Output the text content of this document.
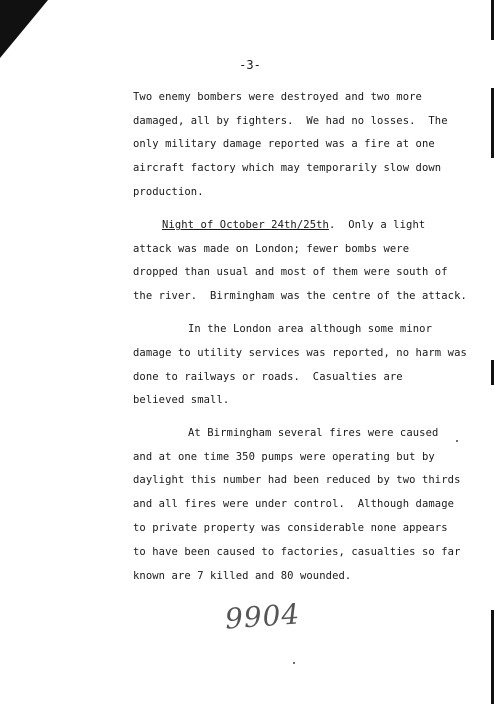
-3-
Two enemy bombers were destroyed and two more
damaged, all by fighters.  We had no losses.  The
only military damage reported was a fire at one
aircraft factory which may temporarily slow down
production.
Night of October 24th/25th.  Only a light
attack was made on London; fewer bombs were
dropped than usual and most of them were south of
the river.  Birmingham was the centre of the attack.
In the London area although some minor
damage to utility services was reported, no harm was
done to railways or roads.  Casualties are
believed small.
At Birmingham several fires were caused
and at one time 350 pumps were operating but by
daylight this number had been reduced by two thirds
and all fires were under control.  Although damage
to private property was considerable none appears
to have been caused to factories, casualties so far
known are 7 killed and 80 wounded.
9904
